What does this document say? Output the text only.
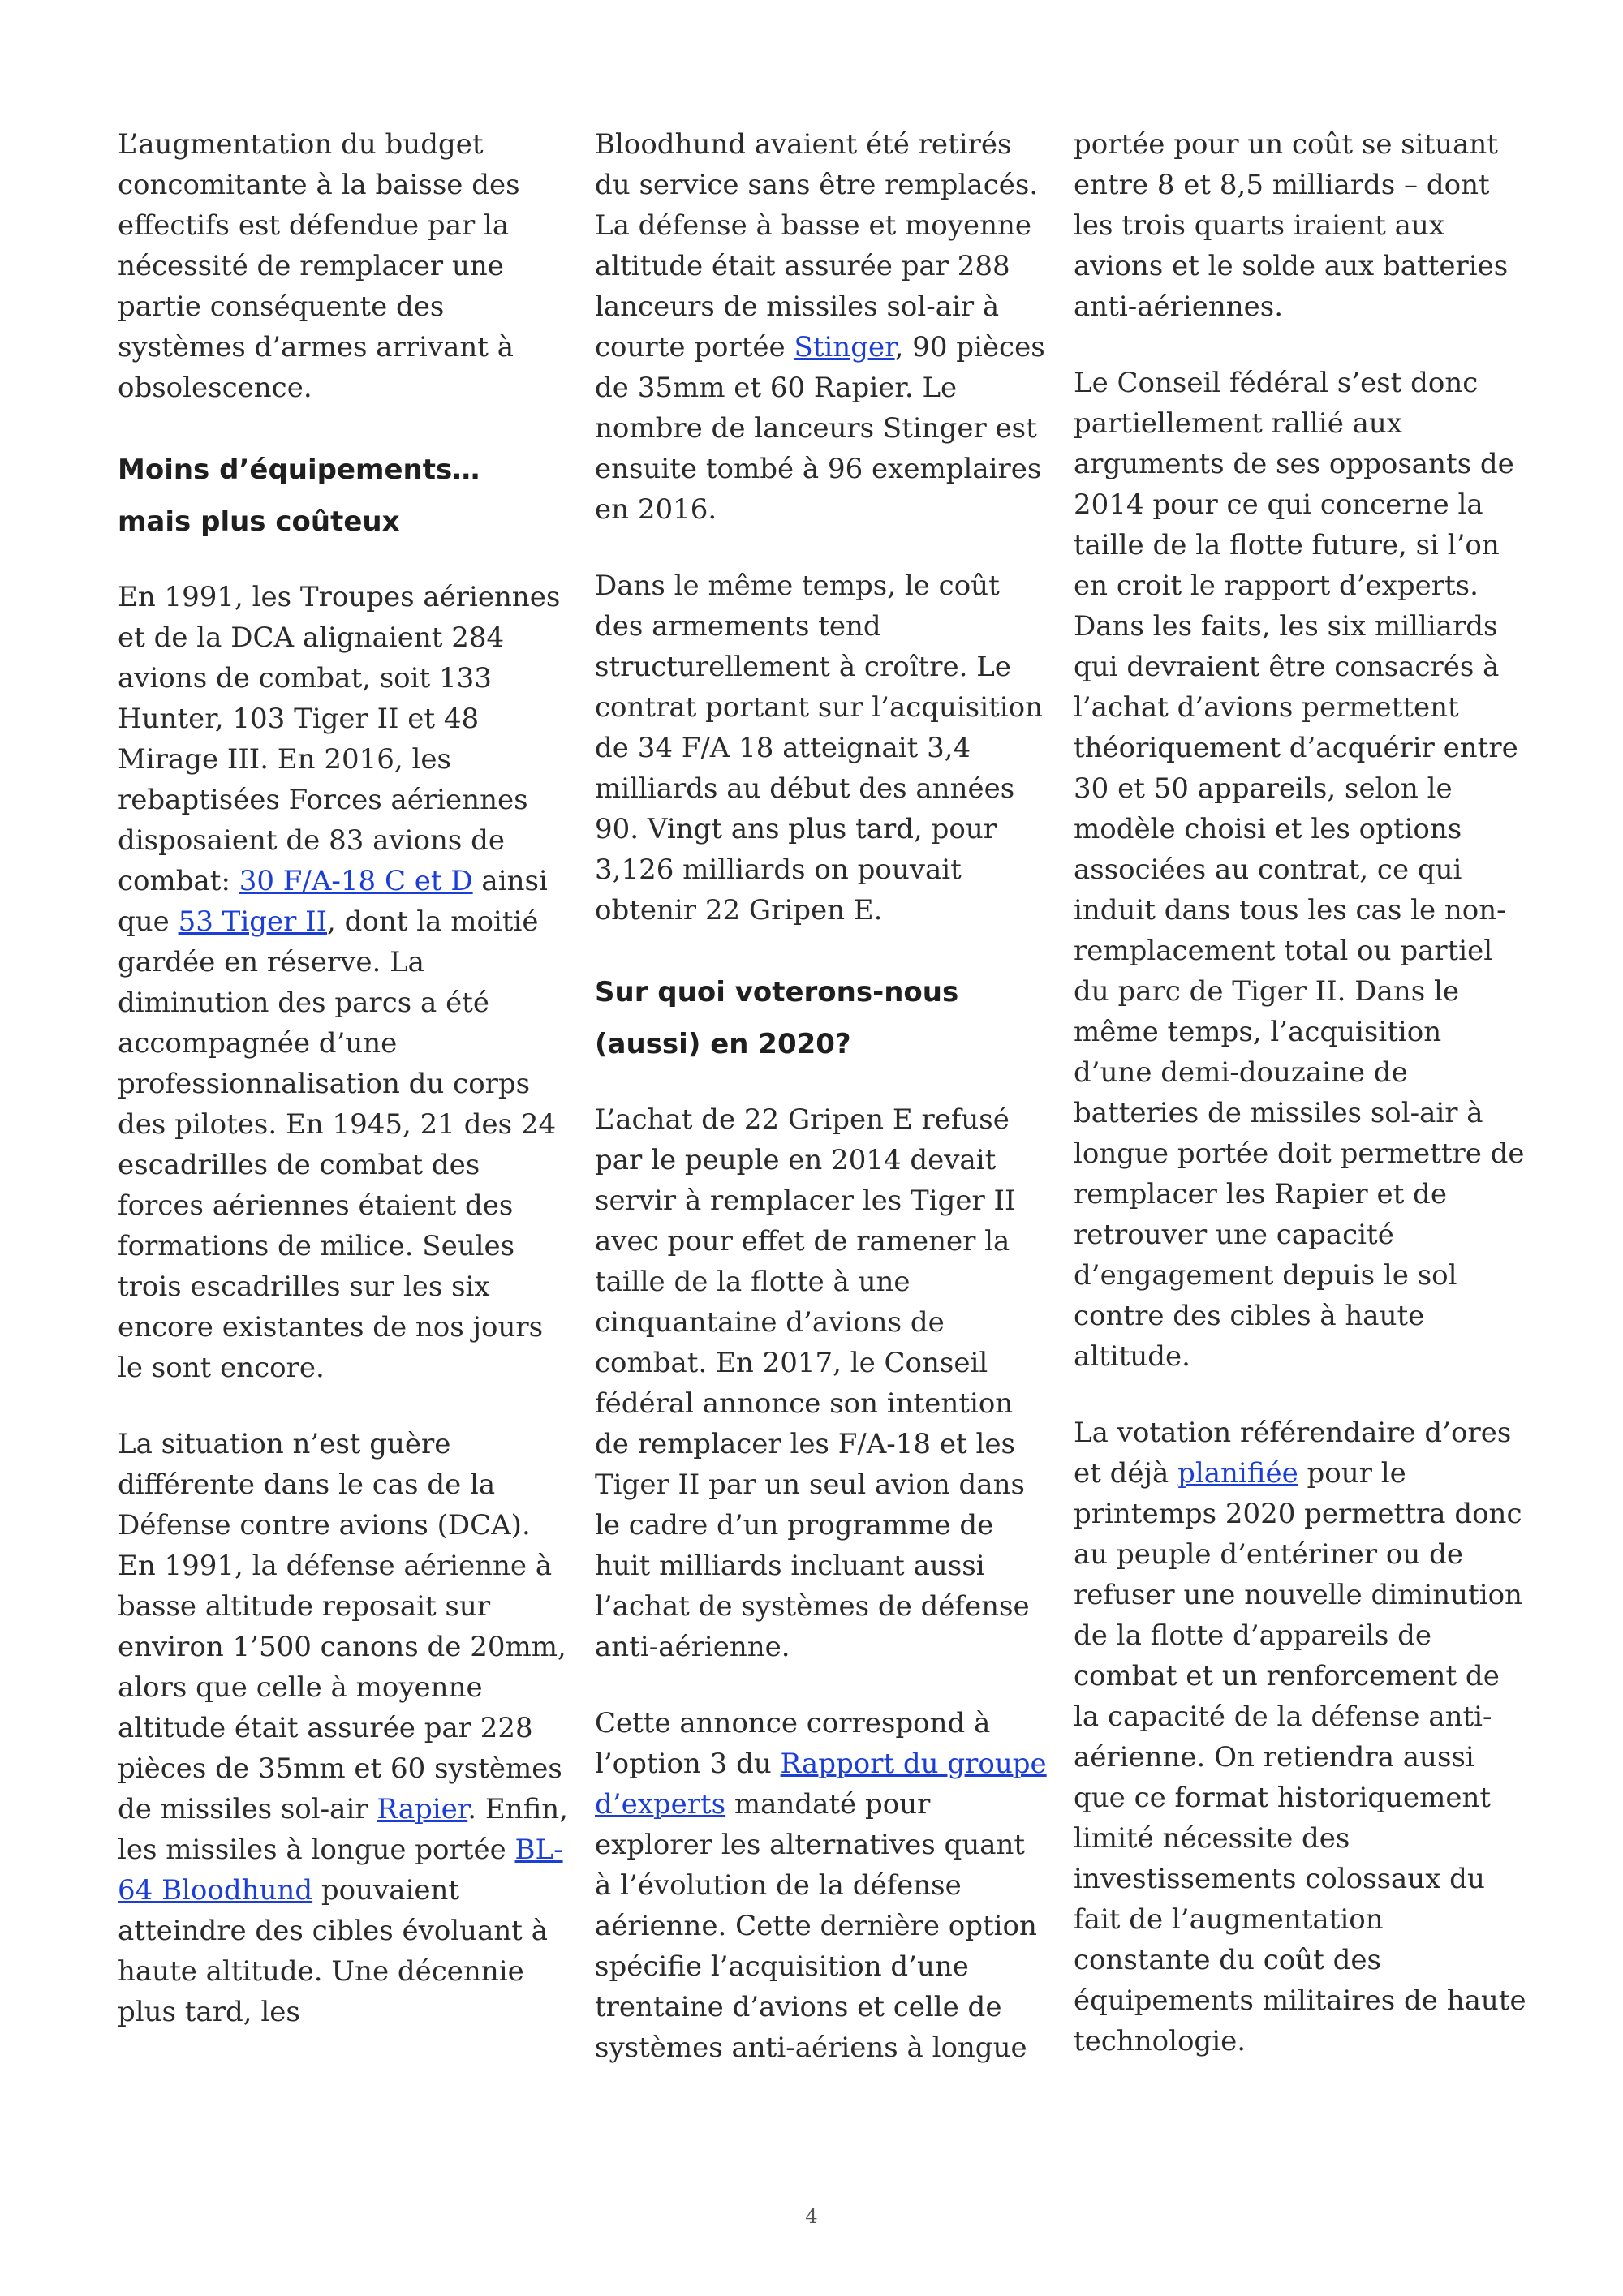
L’augmentation du budget concomitante à la baisse des effectifs est défendue par la nécessité de remplacer une partie conséquente des systèmes d’armes arrivant à obsolescence.

Moins d’équipements…
mais plus coûteux

En 1991, les Troupes aériennes et de la DCA alignaient 284 avions de combat, soit 133 Hunter, 103 Tiger II et 48 Mirage III. En 2016, les rebaptisées Forces aériennes disposaient de 83 avions de combat: 30 F/A-18 C et D ainsi que 53 Tiger II, dont la moitié gardée en réserve. La diminution des parcs a été accompagnée d’une professionnalisation du corps des pilotes. En 1945, 21 des 24 escadrilles de combat des forces aériennes étaient des formations de milice. Seules trois escadrilles sur les six encore existantes de nos jours le sont encore.

La situation n’est guère différente dans le cas de la Défense contre avions (DCA). En 1991, la défense aérienne à basse altitude reposait sur environ 1’500 canons de 20mm, alors que celle à moyenne altitude était assurée par 228 pièces de 35mm et 60 systèmes de missiles sol-air Rapier. Enfin, les missiles à longue portée BL-64 Bloodhund pouvaient atteindre des cibles évoluant à haute altitude. Une décennie plus tard, les

Bloodhund avaient été retirés du service sans être remplacés. La défense à basse et moyenne altitude était assurée par 288 lanceurs de missiles sol-air à courte portée Stinger, 90 pièces de 35mm et 60 Rapier. Le nombre de lanceurs Stinger est ensuite tombé à 96 exemplaires en 2016.

Dans le même temps, le coût des armements tend structurellement à croître. Le contrat portant sur l’acquisition de 34 F/A 18 atteignait 3,4 milliards au début des années 90. Vingt ans plus tard, pour 3,126 milliards on pouvait obtenir 22 Gripen E.

Sur quoi voterons-nous
(aussi) en 2020?

L’achat de 22 Gripen E refusé par le peuple en 2014 devait servir à remplacer les Tiger II avec pour effet de ramener la taille de la flotte à une cinquantaine d’avions de combat. En 2017, le Conseil fédéral annonce son intention de remplacer les F/A-18 et les Tiger II par un seul avion dans le cadre d’un programme de huit milliards incluant aussi l’achat de systèmes de défense anti-aérienne.

Cette annonce correspond à l’option 3 du Rapport du groupe d’experts mandaté pour explorer les alternatives quant à l’évolution de la défense aérienne. Cette dernière option spécifie l’acquisition d’une trentaine d’avions et celle de systèmes anti-aériens à longue

portée pour un coût se situant entre 8 et 8,5 milliards – dont les trois quarts iraient aux avions et le solde aux batteries anti-aériennes.

Le Conseil fédéral s’est donc partiellement rallié aux arguments de ses opposants de 2014 pour ce qui concerne la taille de la flotte future, si l’on en croit le rapport d’experts. Dans les faits, les six milliards qui devraient être consacrés à l’achat d’avions permettent théoriquement d’acquérir entre 30 et 50 appareils, selon le modèle choisi et les options associées au contrat, ce qui induit dans tous les cas le non-remplacement total ou partiel du parc de Tiger II. Dans le même temps, l’acquisition d’une demi-douzaine de batteries de missiles sol-air à longue portée doit permettre de remplacer les Rapier et de retrouver une capacité d’engagement depuis le sol contre des cibles à haute altitude.

La votation référendaire d’ores et déjà planifiée pour le printemps 2020 permettra donc au peuple d’entériner ou de refuser une nouvelle diminution de la flotte d’appareils de combat et un renforcement de la capacité de la défense anti-aérienne. On retiendra aussi que ce format historiquement limité nécessite des investissements colossaux du fait de l’augmentation constante du coût des équipements militaires de haute technologie.

4
